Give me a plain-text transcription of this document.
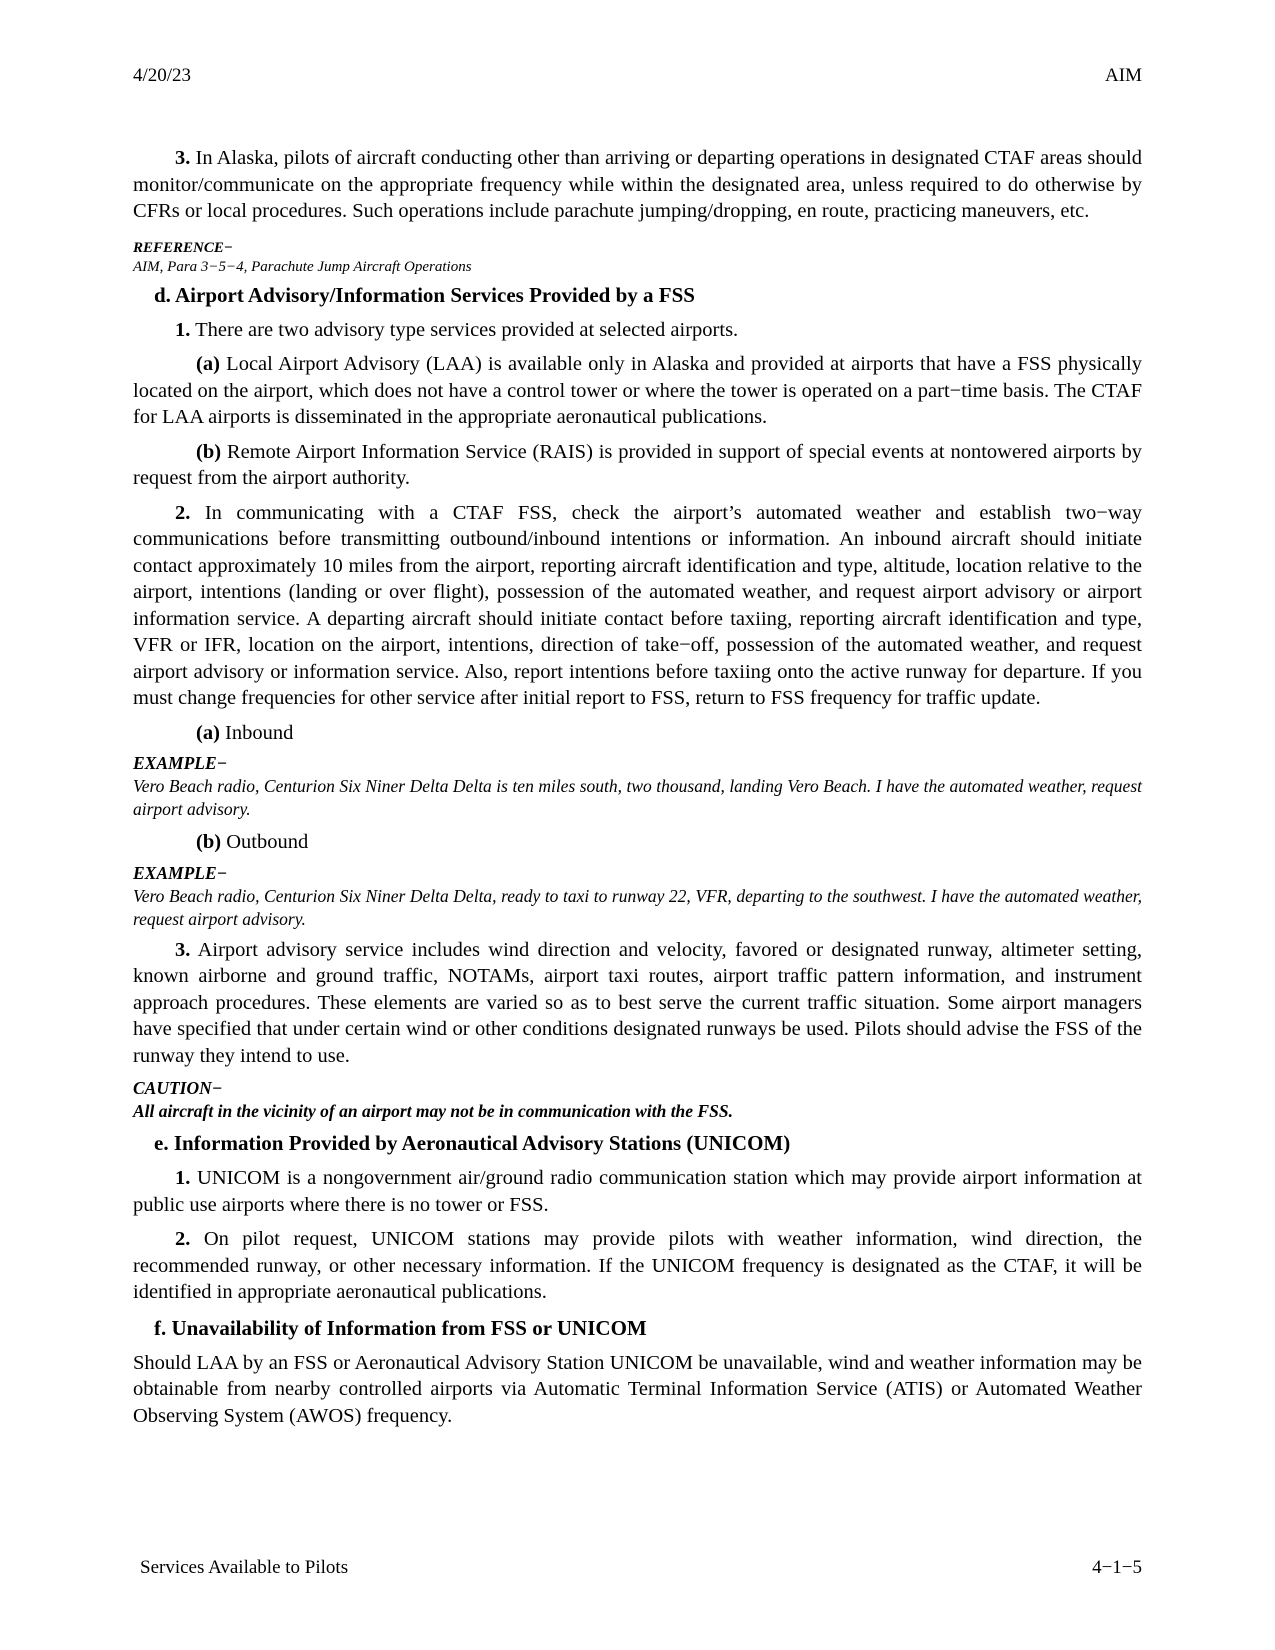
4/20/23	AIM

3. In Alaska, pilots of aircraft conducting other than arriving or departing operations in designated CTAF areas should monitor/communicate on the appropriate frequency while within the designated area, unless required to do otherwise by CFRs or local procedures. Such operations include parachute jumping/dropping, en route, practicing maneuvers, etc.

REFERENCE−
AIM, Para 3−5−4, Parachute Jump Aircraft Operations
d. Airport Advisory/Information Services Provided by a FSS

1. There are two advisory type services provided at selected airports.

(a) Local Airport Advisory (LAA) is available only in Alaska and provided at airports that have a FSS physically located on the airport, which does not have a control tower or where the tower is operated on a part−time basis. The CTAF for LAA airports is disseminated in the appropriate aeronautical publications.

(b) Remote Airport Information Service (RAIS) is provided in support of special events at nontowered airports by request from the airport authority.

2. In communicating with a CTAF FSS, check the airport’s automated weather and establish two−way communications before transmitting outbound/inbound intentions or information. An inbound aircraft should initiate contact approximately 10 miles from the airport, reporting aircraft identification and type, altitude, location relative to the airport, intentions (landing or over flight), possession of the automated weather, and request airport advisory or airport information service. A departing aircraft should initiate contact before taxiing, reporting aircraft identification and type, VFR or IFR, location on the airport, intentions, direction of take−off, possession of the automated weather, and request airport advisory or information service. Also, report intentions before taxiing onto the active runway for departure. If you must change frequencies for other service after initial report to FSS, return to FSS frequency for traffic update.

(a) Inbound

EXAMPLE−
Vero Beach radio, Centurion Six Niner Delta Delta is ten miles south, two thousand, landing Vero Beach. I have the automated weather, request airport advisory.

(b) Outbound

EXAMPLE−
Vero Beach radio, Centurion Six Niner Delta Delta, ready to taxi to runway 22, VFR, departing to the southwest. I have the automated weather, request airport advisory.

3. Airport advisory service includes wind direction and velocity, favored or designated runway, altimeter setting, known airborne and ground traffic, NOTAMs, airport taxi routes, airport traffic pattern information, and instrument approach procedures. These elements are varied so as to best serve the current traffic situation. Some airport managers have specified that under certain wind or other conditions designated runways be used. Pilots should advise the FSS of the runway they intend to use.

CAUTION−
All aircraft in the vicinity of an airport may not be in communication with the FSS.
e. Information Provided by Aeronautical Advisory Stations (UNICOM)

1. UNICOM is a nongovernment air/ground radio communication station which may provide airport information at public use airports where there is no tower or FSS.

2. On pilot request, UNICOM stations may provide pilots with weather information, wind direction, the recommended runway, or other necessary information. If the UNICOM frequency is designated as the CTAF, it will be identified in appropriate aeronautical publications.

f. Unavailability of Information from FSS or UNICOM

Should LAA by an FSS or Aeronautical Advisory Station UNICOM be unavailable, wind and weather information may be obtainable from nearby controlled airports via Automatic Terminal Information Service (ATIS) or Automated Weather Observing System (AWOS) frequency.

Services Available to Pilots	4−1−5
